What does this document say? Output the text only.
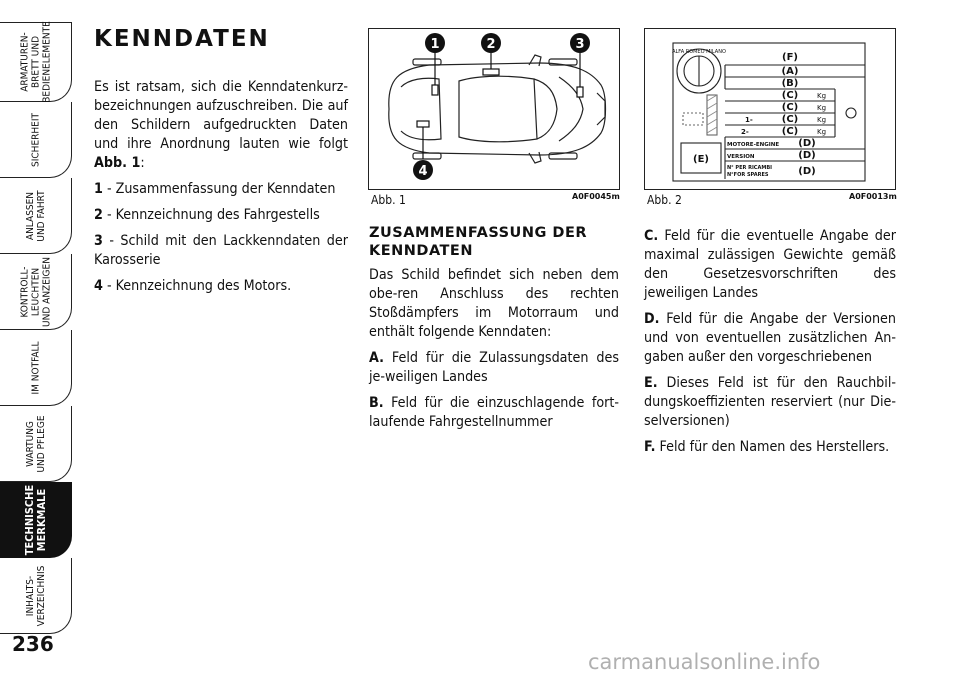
ARMATUREN-
BRETT UND
BEDIENELEMENTE
SICHERHEIT
ANLASSEN
UND FAHRT
KONTROLL-
LEUCHTEN
UND ANZEIGEN
IM NOTFALL
WARTUNG
UND PFLEGE
TECHNISCHE
MERKMALE
INHALTS-
VERZEICHNIS
236
KENNDATEN

Es ist ratsam, sich die Kenndatenkurz-bezeichnungen aufzuschreiben. Die auf den Schildern aufgedruckten Daten und ihre Anordnung lauten wie folgt Abb. 1:

1 - Zusammenfassung der Kenndaten

2 - Kennzeichnung des Fahrgestells

3 - Schild mit den Lackkenndaten der Karosserie

4 - Kennzeichnung des Motors.

1	2	3
4
Abb. 1	A0F0045m
(F)
(A)
(B)
(C)
(C)
(C)
(C)
Kg
Kg
Kg
Kg
1-
2-
MOTORE-ENGINE
VERSION
N° PER RICAMBI
N°FOR SPARES
(D)
(D)
(D)
(E)
ALFA ROMEO MILANO
Abb. 2	A0F0013m
ZUSAMMENFASSUNG DER KENNDATEN

Das Schild befindet sich neben dem obe-ren Anschluss des rechten Stoßdämpfers im Motorraum und enthält folgende Kenndaten:

A. Feld für die Zulassungsdaten des je-weiligen Landes

B. Feld für die einzuschlagende fort-laufende Fahrgestellnummer

C. Feld für die eventuelle Angabe der maximal zulässigen Gewichte gemäß den Gesetzesvorschriften des jeweiligen Landes

D. Feld für die Angabe der Versionen und von eventuellen zusätzlichen An-gaben außer den vorgeschriebenen

E. Dieses Feld ist für den Rauchbil-dungskoeffizienten reserviert (nur Die-selversionen)

F. Feld für den Namen des Herstellers.

carmanualsonline.info
